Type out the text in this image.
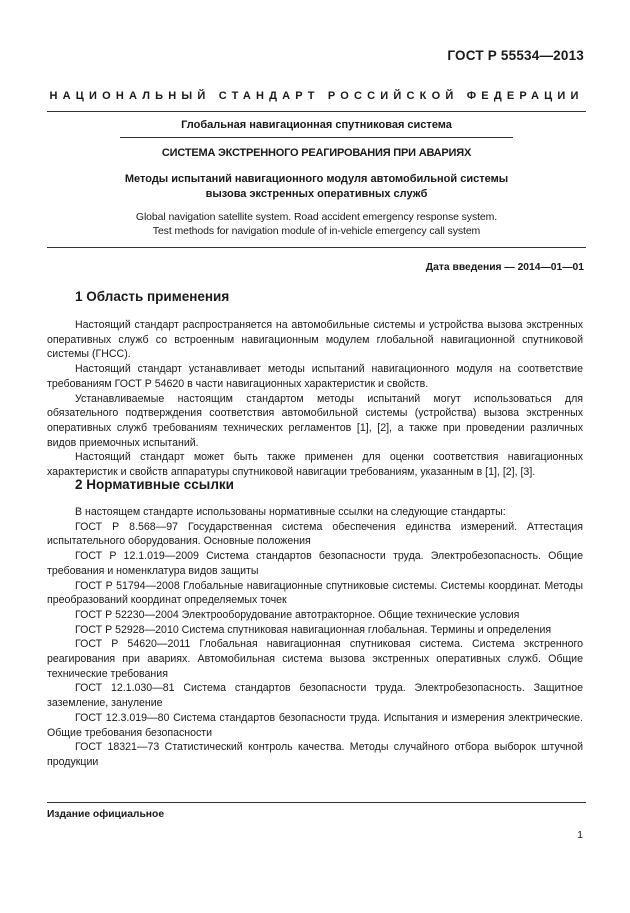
ГОСТ Р 55534—2013
НАЦИОНАЛЬНЫЙ СТАНДАРТ РОССИЙСКОЙ ФЕДЕРАЦИИ
Глобальная навигационная спутниковая система
СИСТЕМА ЭКСТРЕННОГО РЕАГИРОВАНИЯ ПРИ АВАРИЯХ
Методы испытаний навигационного модуля автомобильной системы
вызова экстренных оперативных служб
Global navigation satellite system. Road accident emergency response system.
Test methods for navigation module of in-vehicle emergency call system
Дата введения — 2014—01—01
1 Область применения

Настоящий стандарт распространяется на автомобильные системы и устройства вызова экстренных оперативных служб со встроенным навигационным модулем глобальной навигационной спутниковой системы (ГНСС).

Настоящий стандарт устанавливает методы испытаний навигационного модуля на соответствие требованиям ГОСТ Р 54620 в части навигационных характеристик и свойств.

Устанавливаемые настоящим стандартом методы испытаний могут использоваться для обязательного подтверждения соответствия автомобильной системы (устройства) вызова экстренных оперативных служб требованиям технических регламентов [1], [2], а также при проведении различных видов приемочных испытаний.

Настоящий стандарт может быть также применен для оценки соответствия навигационных характеристик и свойств аппаратуры спутниковой навигации требованиям, указанным в [1], [2], [3].

2 Нормативные ссылки

В настоящем стандарте использованы нормативные ссылки на следующие стандарты:

ГОСТ Р 8.568—97 Государственная система обеспечения единства измерений. Аттестация испытательного оборудования. Основные положения

ГОСТ Р 12.1.019—2009 Система стандартов безопасности труда. Электробезопасность. Общие требования и номенклатура видов защиты

ГОСТ Р 51794—2008 Глобальные навигационные спутниковые системы. Системы координат. Методы преобразований координат определяемых точек

ГОСТ Р 52230—2004 Электрооборудование автотракторное. Общие технические условия

ГОСТ Р 52928—2010 Система спутниковая навигационная глобальная. Термины и определения

ГОСТ Р 54620—2011 Глобальная навигационная спутниковая система. Система экстренного реагирования при авариях. Автомобильная система вызова экстренных оперативных служб. Общие технические требования

ГОСТ 12.1.030—81 Система стандартов безопасности труда. Электробезопасность. Защитное заземление, зануление

ГОСТ 12.3.019—80 Система стандартов безопасности труда. Испытания и измерения электрические. Общие требования безопасности

ГОСТ 18321—73 Статистический контроль качества. Методы случайного отбора выборок штучной продукции

Издание официальное
1
